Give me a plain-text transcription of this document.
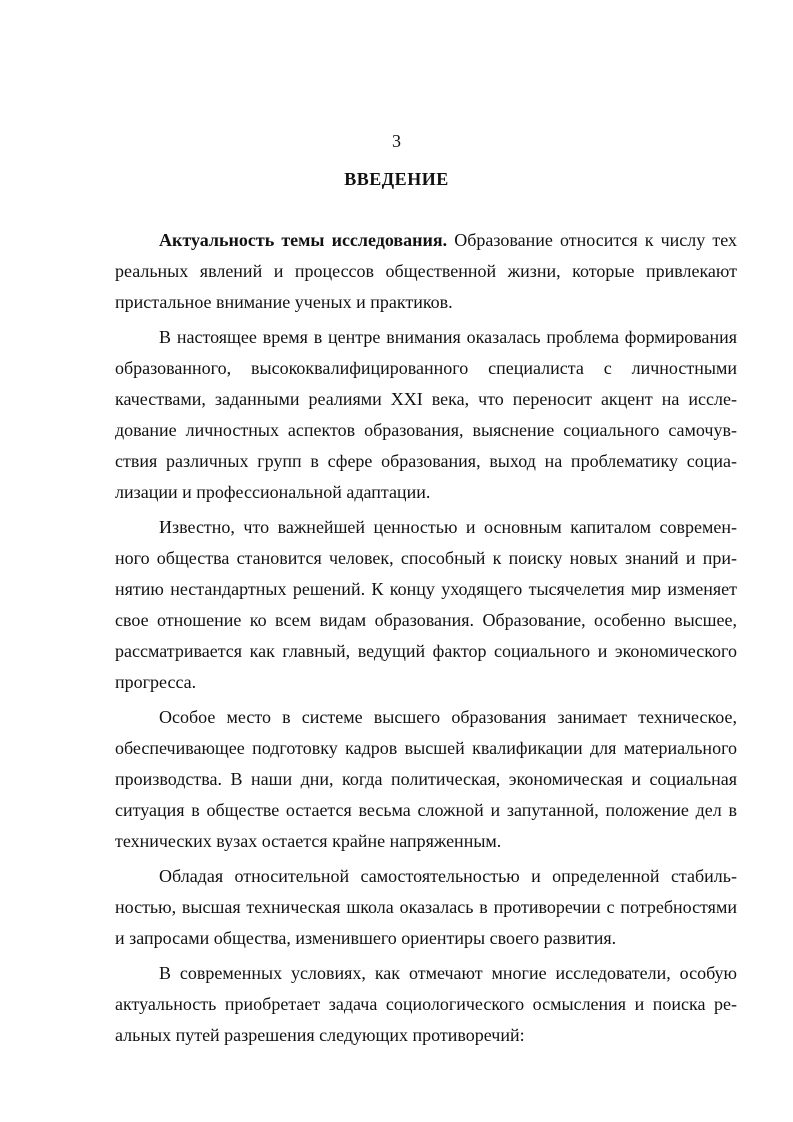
3
ВВЕДЕНИЕ

Актуальность темы исследования. Образование относится к числу тех реальных явлений и процессов общественной жизни, которые привлекают пристальное внимание ученых и практиков.

В настоящее время в центре внимания оказалась проблема формирования образованного, высококвалифицированного специалиста с личностными качествами, заданными реалиями XXI века, что переносит акцент на исследование личностных аспектов образования, выяснение социального самочувствия различных групп в сфере образования, выход на проблематику социализации и профессиональной адаптации.

Известно, что важнейшей ценностью и основным капиталом современного общества становится человек, способный к поиску новых знаний и принятию нестандартных решений. К концу уходящего тысячелетия мир изменяет свое отношение ко всем видам образования. Образование, особенно высшее, рассматривается как главный, ведущий фактор социального и экономического прогресса.

Особое место в системе высшего образования занимает техническое, обеспечивающее подготовку кадров высшей квалификации для материального производства. В наши дни, когда политическая, экономическая и социальная ситуация в обществе остается весьма сложной и запутанной, положение дел в технических вузах остается крайне напряженным.

Обладая относительной самостоятельностью и определенной стабильностью, высшая техническая школа оказалась в противоречии с потребностями и запросами общества, изменившего ориентиры своего развития.

В современных условиях, как отмечают многие исследователи, особую актуальность приобретает задача социологического осмысления и поиска реальных путей разрешения следующих противоречий:
